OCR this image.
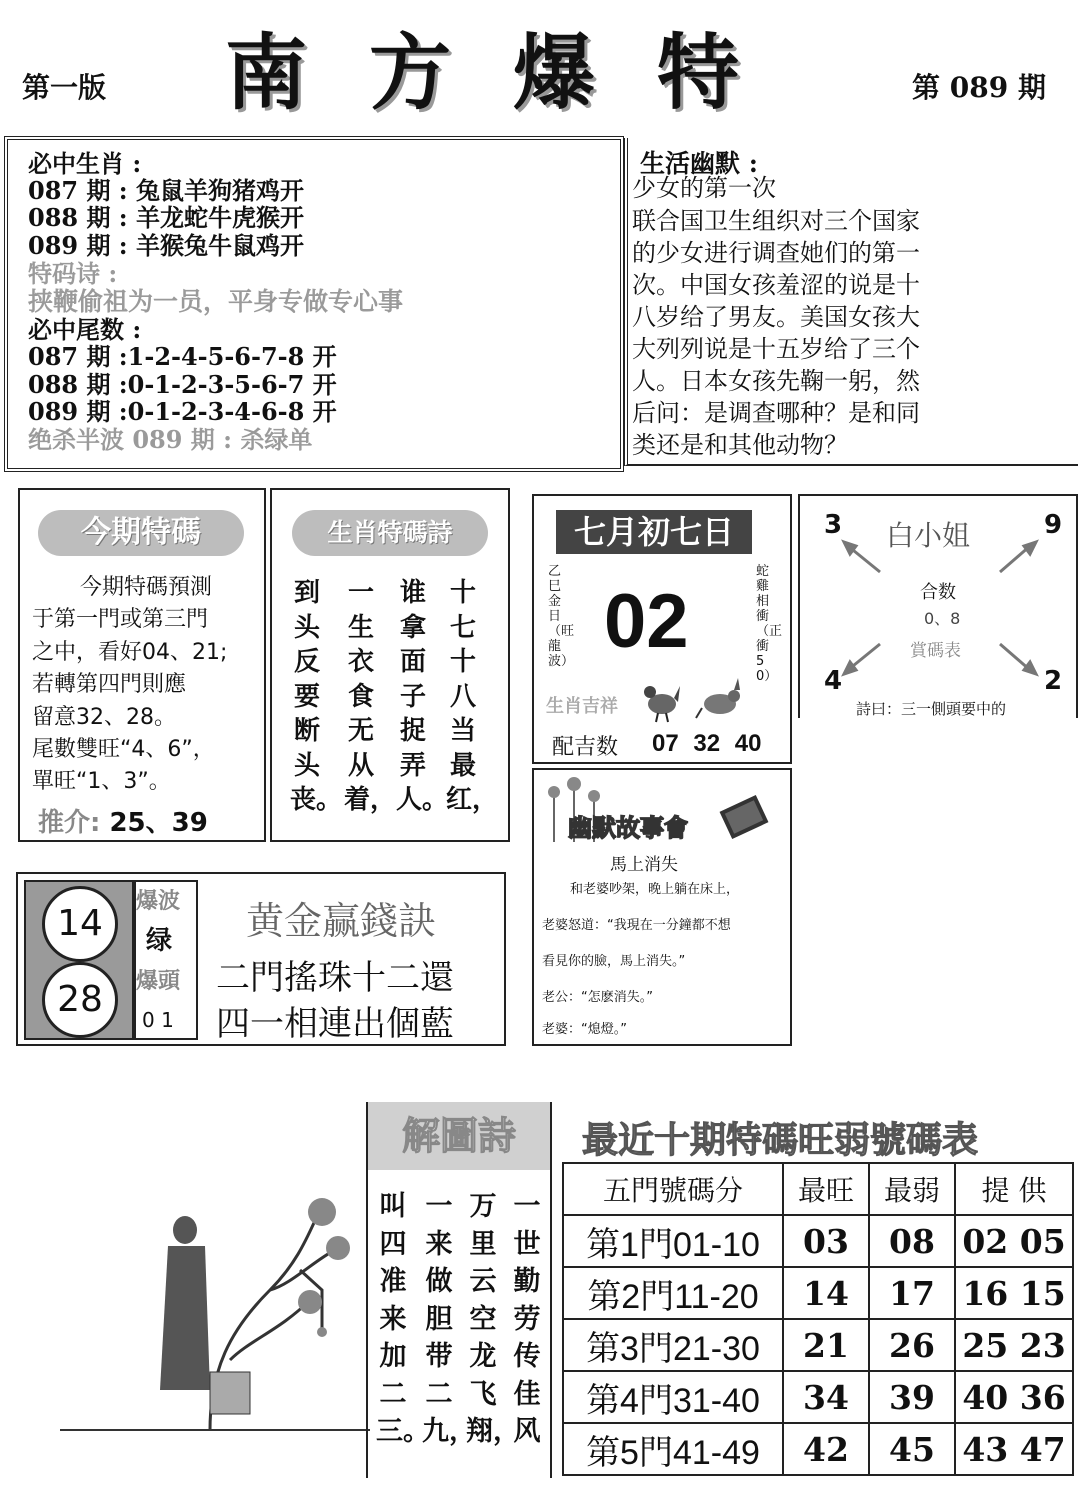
南方爆特
第一版	第 089 期
必中生肖 :
087 期 : 兔鼠羊狗猪鸡开
088 期 : 羊龙蛇牛虎猴开
089 期 : 羊猴兔牛鼠鸡开
特码诗 :
挟鞭偷祖为一员，平身专做专心事
必中尾数 :
087 期 :1-2-4-5-6-7-8 开
088 期 :0-1-2-3-5-6-7 开
089 期 :0-1-2-3-4-6-8 开
绝杀半波 089 期 : 杀绿单
生活幽默 :
少女的第一次
联合国卫生组织对三个国家
的少女进行调查她们的第一
次。中国女孩羞涩的说是十
八岁给了男友。美国女孩大
大列列说是十五岁给了三个
人。日本女孩先鞠一躬，然
后问：是调查哪种？是和同
类还是和其他动物？
今期特碼
今期特碼預測
于第一門或第三門
之中，看好04、21;
若轉第四門則應
留意32、28。
尾數雙旺“4、6”，
單旺“1、3”。
推介: 25、39
生肖特碼詩
十七十八当最红，
谁拿面子捉弄人。
一生衣食无从着，
到头反要断头丧。
七月初七日
乙巳金日（旺龍波）
蛇雞相衝（正衝50）
02
生肖吉祥
配吉数 07 32 40
白小姐
3	9
4	2
合数
0、8
賞碼表
詩曰：三一側頭要中的
14
28
爆波
绿
爆頭
0 1
黄金赢錢訣
二門搖珠十二還
四一相連出個藍
幽默故事會
馬上消失
和老婆吵架，晚上躺在床上，
老婆怒道：“我現在一分鐘都不想
看見你的臉，馬上消失。”
老公：“怎麽消失。”
老婆：“熄燈。”
解圖詩
一世勤劳传佳风
万里云空龙飞翔，
一来做胆带二九，
叫四准来加二三。
最近十期特碼旺弱號碼表
五門號碼分	最旺	最弱	提 供
第1門01-10	03	08	02 05
第2門11-20	14	17	16 15
第3門21-30	21	26	25 23
第4門31-40	34	39	40 36
第5門41-49	42	45	43 47
